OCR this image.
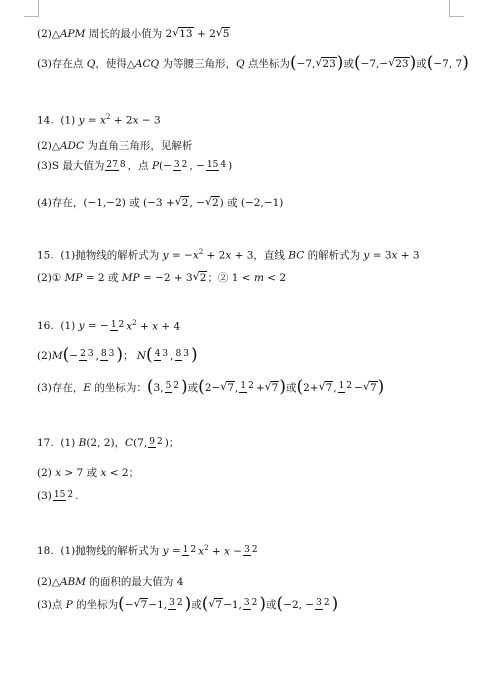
(2)△APM 周长的最小值为 2 √ 13 + 2 √ 5
(3)存在点 Q，使得△ACQ 为等腰三角形，Q 点坐标为 ( −7, √ 23 ) 或 ( −7,− √ 23 ) 或 ( −7, 7 )
14.  (1) $y = x^2 + 2x - 3$
(2)△ADC 为直角三角形，见解析
(3)S 最大值为 27 8 ，点 P(− 3 2 , − 15 4 )
(4)存在，(−1,−2) 或 (−3 + √ 2 , − √ 2 ) 或 (−2,−1)
15.  (1)抛物线的解析式为 $y = -x^2 + 2x + 3$，直线 BC 的解析式为 y = 3x + 3
(2)① MP = 2 或 MP = −2 + 3 √ 2 ；② 1 < m < 2
16.  (1) y = − 1 2 $x^2 + x + 4$
(2)M ( − 2 3 , 8 3 ) ； N ( 4 3 , 8 3 )
(3)存在，E 的坐标为： ( 3, 5 2 ) 或 ( 2− √ 7 , 1 2 + √ 7 ) 或 ( 2+ √ 7 , 1 2 − √ 7 )
17.  (1) B(2, 2)，C(7, 9 2 )；
(2) x > 7 或 x < 2；
(3) 15 2 .
18.  (1)抛物线的解析式为 y = 1 2 $x^2 + x - 3$ 2
(2)△ABM 的面积的最大值为 4
(3)点 P 的坐标为 ( − √ 7 −1, 3 2 ) 或 ( √ 7 −1, 3 2 ) 或 ( −2, − 3 2 )
